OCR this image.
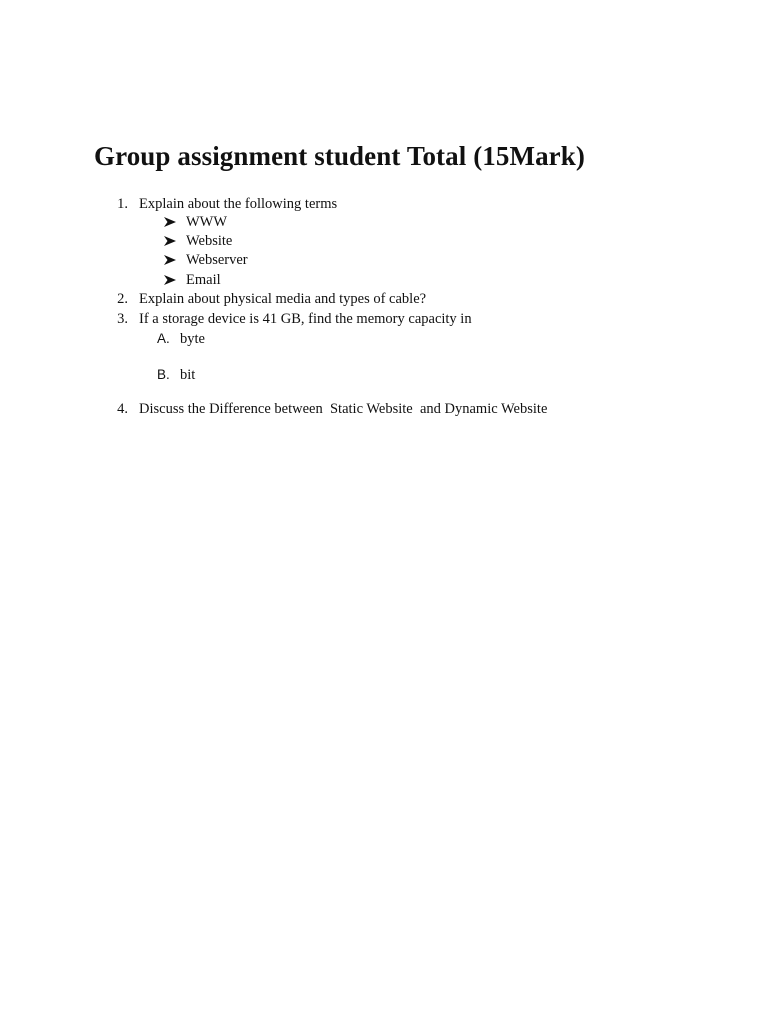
Group assignment student Total (15Mark)
1. Explain about the following terms
WWW
Website
Webserver
Email
2. Explain about physical media and types of cable?
3. If a storage device is 41 GB, find the memory capacity in
A. byte
B. bit
4. Discuss the Difference between  Static Website  and Dynamic Website
